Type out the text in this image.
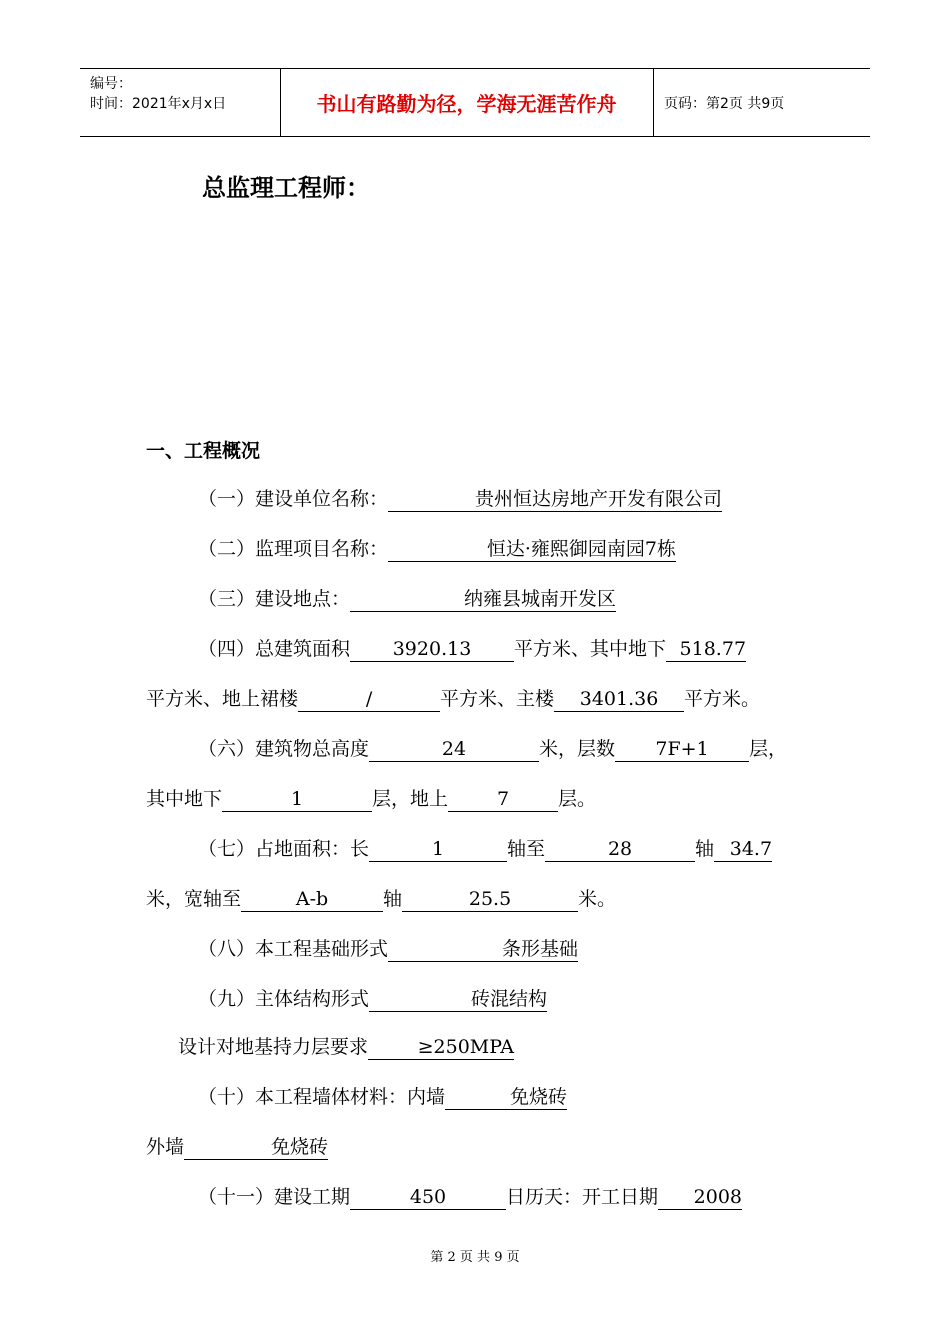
编号：
时间：2021年x月x日	书山有路勤为径，学海无涯苦作舟	页码：第2页 共9页
总监理工程师：
一、工程概况
（一）建设单位名称：	贵州恒达房地产开发有限公司
（二）监理项目名称：	恒达·雍熙御园南园7栋
（三）建设地点：	纳雍县城南开发区
（四）总建筑面积 3920.13 平方米、其中地下 518.77
平方米、地上裙楼	/	平方米、主楼 3401.36 平方米。
（六）建筑物总高度	24	米，层数 7F+1 层，
其中地下	1	层，地上	7	层。
（七）占地面积：长	1	轴至	28	轴 34.7
米，宽轴至	A-b	轴	25.5	米。
（八）本工程基础形式	条形基础
（九）主体结构形式	砖混结构
设计对地基持力层要求	≥250MPA
（十）本工程墙体材料：内墙	免烧砖
外墙	免烧砖
（十一）建设工期	450	日历天：开工日期 2008
第 2 页 共 9 页
